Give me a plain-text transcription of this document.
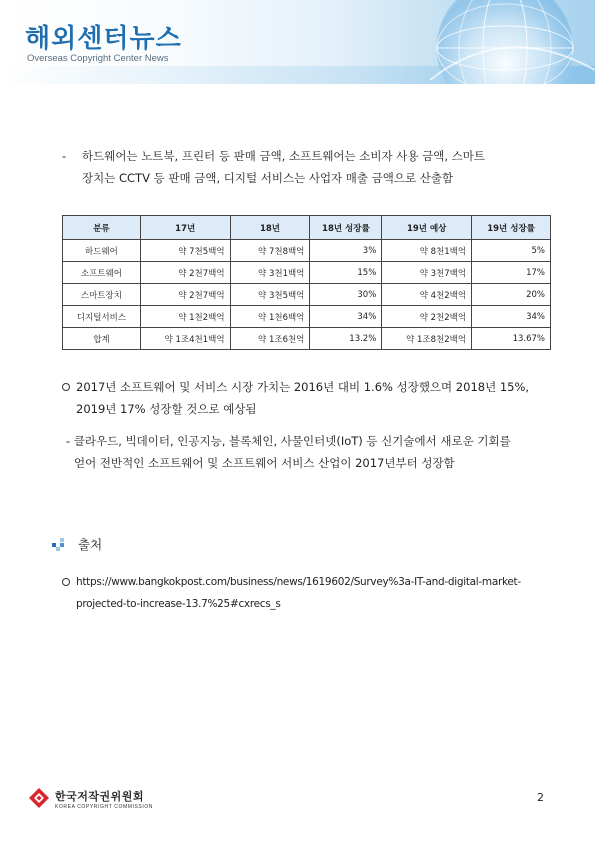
해외센터뉴스
Overseas Copyright Center News
- 하드웨어는 노트북, 프린터 등 판매 금액, 소프트웨어는 소비자 사용 금액, 스마트
장치는 CCTV 등 판매 금액, 디지털 서비스는 사업자 매출 금액으로 산출함
분류	17년	18년	18년 성장률	19년 예상	19년 성장률
하드웨어	약 7천5백억	약 7천8백억	3%	약 8천1백억	5%
소프트웨어	약 2천7백억	약 3천1백억	15%	약 3천7백억	17%
스마트장치	약 2천7백억	약 3천5백억	30%	약 4천2백억	20%
디지털서비스	약 1천2백억	약 1천6백억	34%	약 2천2백억	34%
합계	약 1조4천1백억	약 1조6천억	13.2%	약 1조8천2백억	13.67%
2017년 소프트웨어 및 서비스 시장 가치는 2016년 대비 1.6% 성장했으며 2018년 15%,
2019년 17% 성장할 것으로 예상됨
- 클라우드, 빅데이터, 인공지능, 블록체인, 사물인터넷(IoT) 등 신기술에서 새로운 기회를
얻어 전반적인 소프트웨어 및 소프트웨어 서비스 산업이 2017년부터 성장함
출처
https://www.bangkokpost.com/business/news/1619602/Survey%3a-IT-and-digital-market-
projected-to-increase-13.7%25#cxrecs_s
한국저작권위원회
KOREA COPYRIGHT COMMISSION
2
